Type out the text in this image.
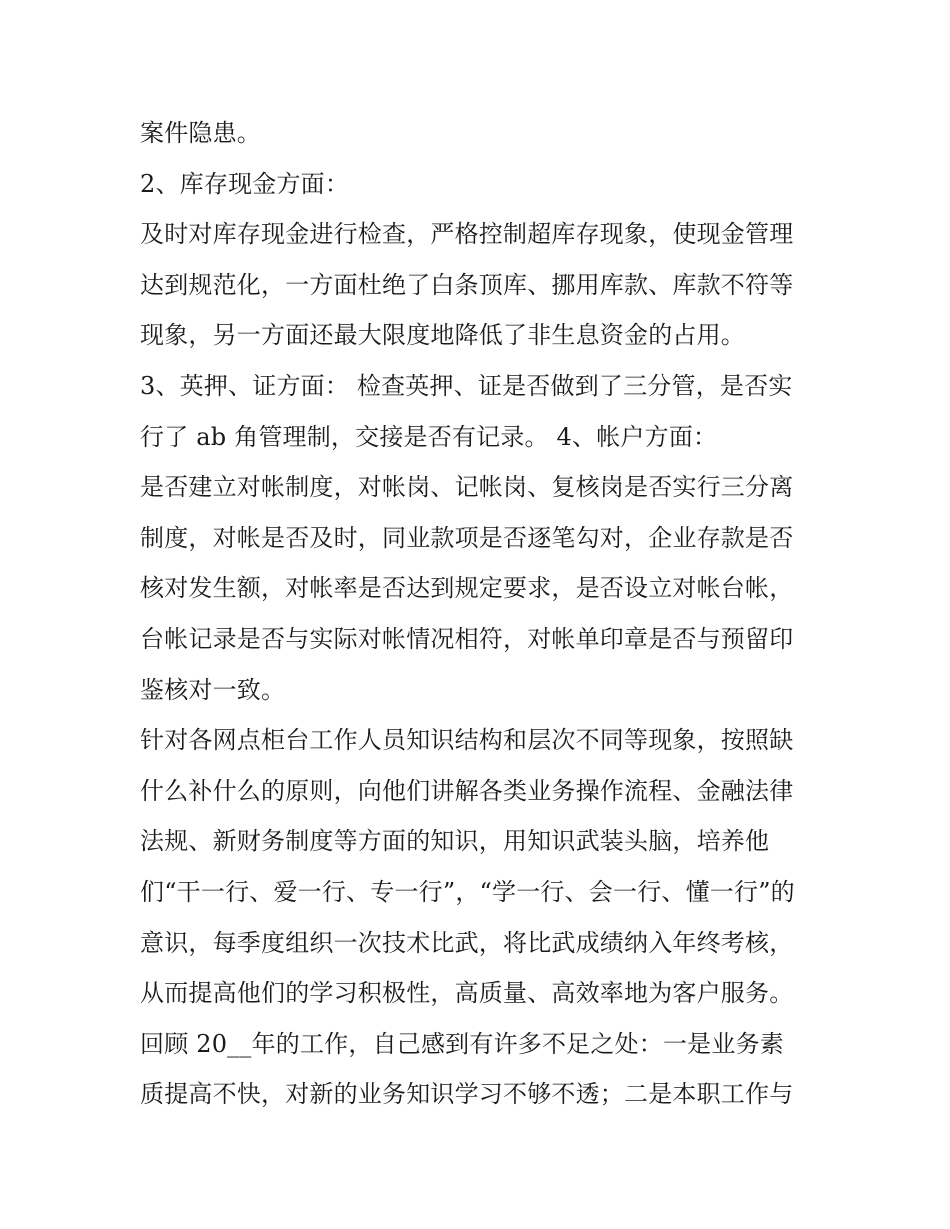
案件隐患。
2、库存现金方面：
及时对库存现金进行检查，严格控制超库存现象，使现金管理
达到规范化，一方面杜绝了白条顶库、挪用库款、库款不符等
现象，另一方面还最大限度地降低了非生息资金的占用。
3、英押、证方面： 检查英押、证是否做到了三分管，是否实
行了 ab 角管理制，交接是否有记录。 4、帐户方面：
是否建立对帐制度，对帐岗、记帐岗、复核岗是否实行三分离
制度，对帐是否及时，同业款项是否逐笔勾对，企业存款是否
核对发生额，对帐率是否达到规定要求，是否设立对帐台帐，
台帐记录是否与实际对帐情况相符，对帐单印章是否与预留印
鉴核对一致。
针对各网点柜台工作人员知识结构和层次不同等现象，按照缺
什么补什么的原则，向他们讲解各类业务操作流程、金融法律
法规、新财务制度等方面的知识，用知识武装头脑，培养他
们“干一行、爱一行、专一行”，“学一行、会一行、懂一行”的
意识，每季度组织一次技术比武，将比武成绩纳入年终考核，
从而提高他们的学习积极性，高质量、高效率地为客户服务。
回顾 20__年的工作，自己感到有许多不足之处：一是业务素
质提高不快，对新的业务知识学习不够不透；二是本职工作与
